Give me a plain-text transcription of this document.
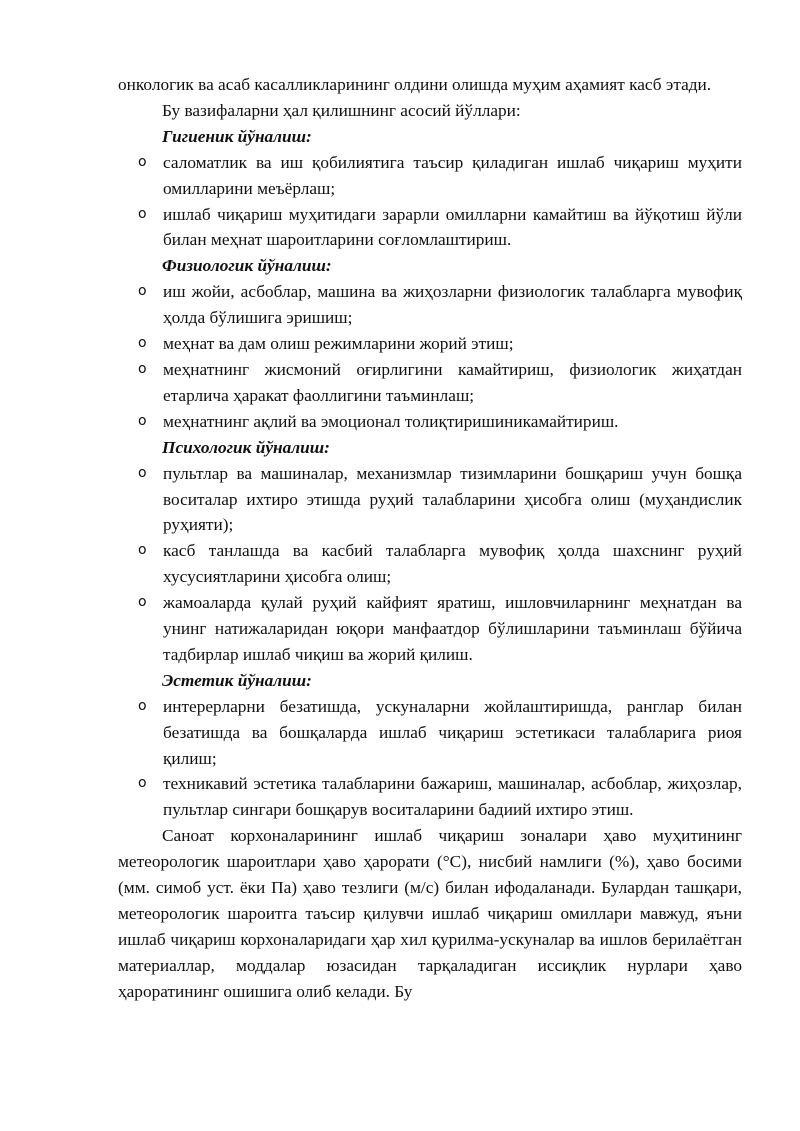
онкологик ва асаб касалликларининг олдини олишда муҳим аҳамият касб этади.

Бу вазифаларни ҳал қилишнинг асосий йўллари:

Гигиеник йўналиш:

o саломатлик ва иш қобилиятига таъсир қиладиган ишлаб чиқариш муҳити омилларини меъёрлаш;
o ишлаб чиқариш муҳитидаги зарарли омилларни камайтиш ва йўқотиш йўли билан меҳнат шароитларини соғломлаштириш.

Физиологик йўналиш:

o иш жойи, асбоблар, машина ва жиҳозларни физиологик талабларга мувофиқ ҳолда бўлишига эришиш;
o меҳнат ва дам олиш режимларини жорий этиш;
o меҳнатнинг жисмоний оғирлигини камайтириш, физиологик жиҳатдан етарлича ҳаракат фаоллигини таъминлаш;
o меҳнатнинг ақлий ва эмоционал толиқтиришиникамайтириш.

Психологик йўналиш:

o пультлар ва машиналар, механизмлар тизимларини бошқариш учун бошқа воситалар ихтиро этишда руҳий талабларини ҳисобга олиш (муҳандислик руҳияти);
o касб танлашда ва касбий талабларга мувофиқ ҳолда шахснинг руҳий хусусиятларини ҳисобга олиш;
o жамоаларда қулай руҳий кайфият яратиш, ишловчиларнинг меҳнатдан ва унинг натижаларидан юқори манфаатдор бўлишларини таъминлаш бўйича тадбирлар ишлаб чиқиш ва жорий қилиш.

Эстетик йўналиш:

o интерерларни безатишда, ускуналарни жойлаштиришда, ранглар билан безатишда ва бошқаларда ишлаб чиқариш эстетикаси талабларига риоя қилиш;
o техникавий эстетика талабларини бажариш, машиналар, асбоблар, жиҳозлар, пультлар сингари бошқарув воситаларини бадиий ихтиро этиш.

Саноат корхоналарининг ишлаб чиқариш зоналари ҳаво муҳитининг метеорологик шароитлари ҳаво ҳарорати (°С), нисбий намлиги (%), ҳаво босими (мм. симоб уст. ёки Па) ҳаво тезлиги (м/с) билан ифодаланади. Булардан ташқари, метеорологик шароитга таъсир қилувчи ишлаб чиқариш омиллари мавжуд, яъни ишлаб чиқариш корхоналаридаги ҳар хил қурилма-ускуналар ва ишлов берилаётган материаллар, моддалар юзасидан тарқаладиган иссиқлик нурлари ҳаво ҳароратининг ошишига олиб келади. Бу
